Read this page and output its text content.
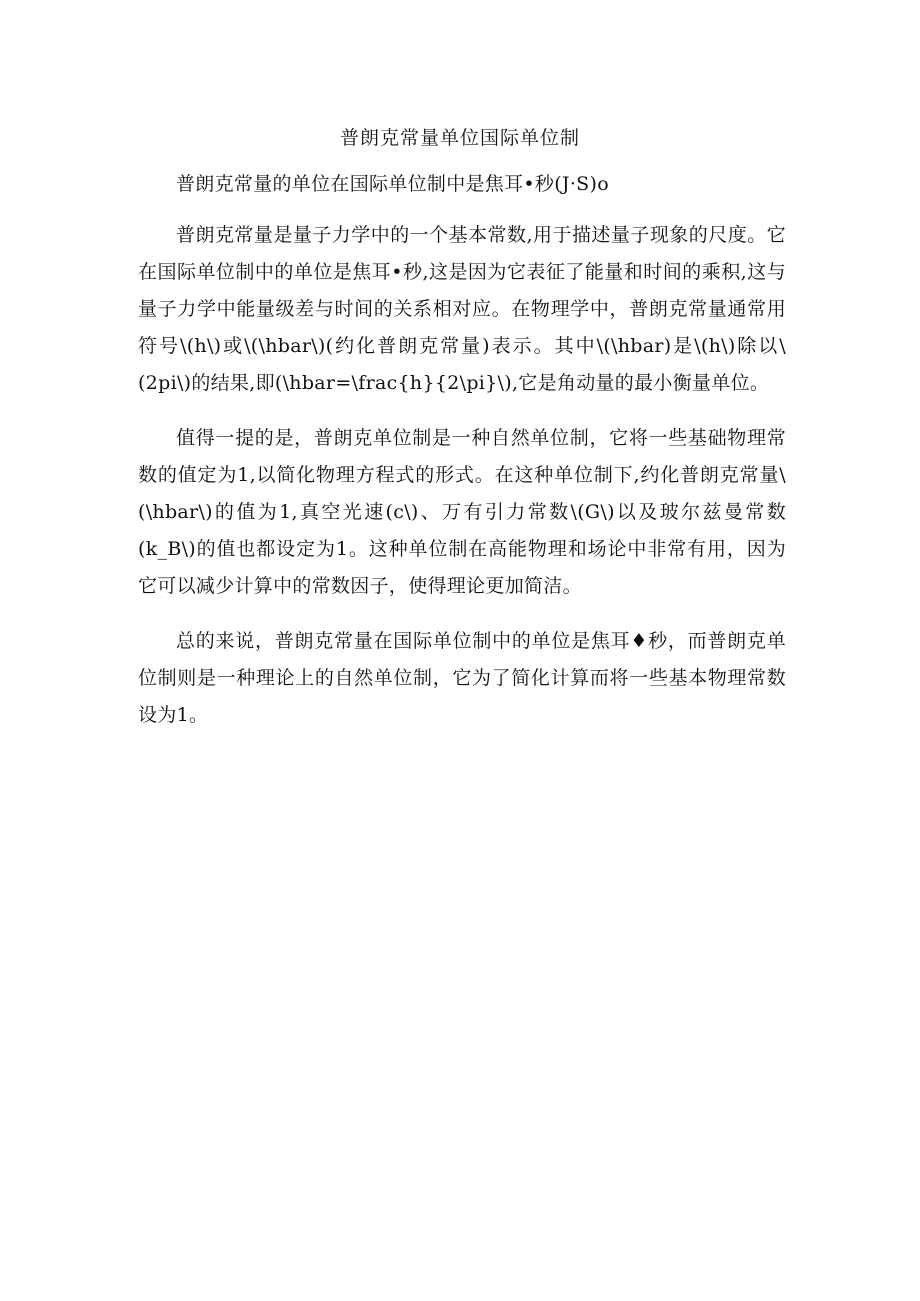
普朗克常量单位国际单位制

普朗克常量的单位在国际单位制中是焦耳•秒(J·S)o

普朗克常量是量子力学中的一个基本常数,用于描述量子现象的尺度。它在国际单位制中的单位是焦耳•秒,这是因为它表征了能量和时间的乘积,这与量子力学中能量级差与时间的关系相对应。在物理学中，普朗克常量通常用符号\(h\)或\(\hbar\)(约化普朗克常量)表示。其中\(\hbar)是\(h\)除以\(2pi\)的结果,即(\hbar=\frac{h}{2\pi}\),它是角动量的最小衡量单位。

值得一提的是，普朗克单位制是一种自然单位制，它将一些基础物理常数的值定为1,以简化物理方程式的形式。在这种单位制下,约化普朗克常量\(\hbar\)的值为1,真空光速(c\)、万有引力常数\(G\)以及玻尔兹曼常数(k_B\)的值也都设定为1。这种单位制在高能物理和场论中非常有用，因为它可以减少计算中的常数因子，使得理论更加简洁。

总的来说，普朗克常量在国际单位制中的单位是焦耳♦秒，而普朗克单位制则是一种理论上的自然单位制，它为了简化计算而将一些基本物理常数设为1。
